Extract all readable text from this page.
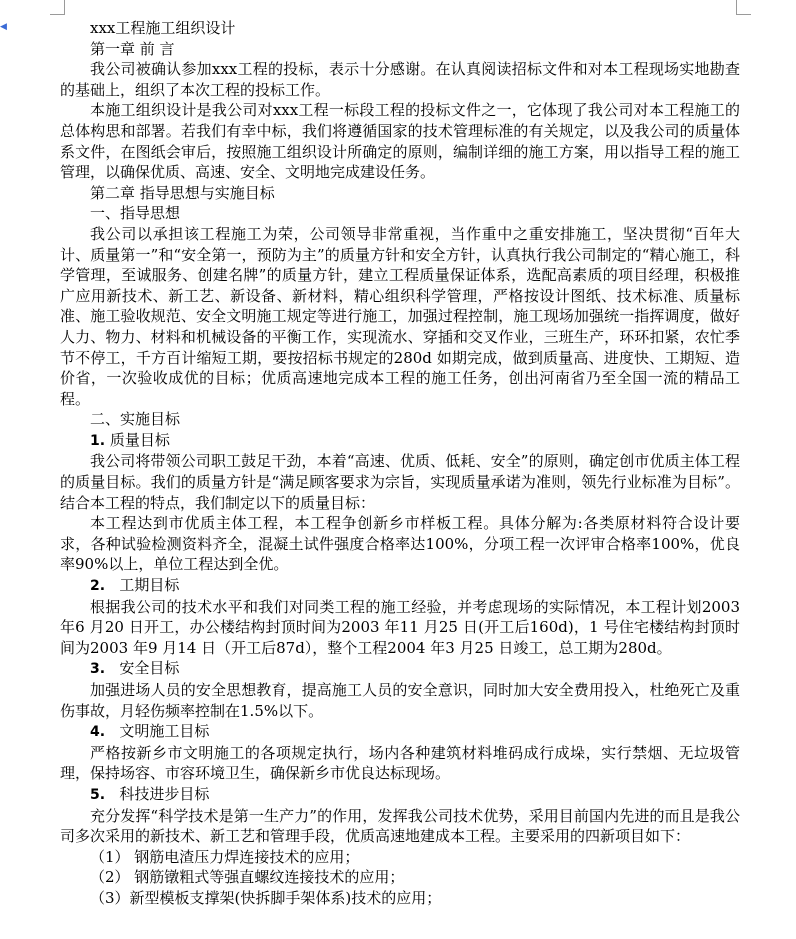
◀	xxx工程施工组织设计

第一章 前 言

我公司被确认参加xxx工程的投标，表示十分感谢。在认真阅读招标文件和对本工程现场实地勘查的基础上，组织了本次工程的投标工作。

本施工组织设计是我公司对xxx工程一标段工程的投标文件之一，它体现了我公司对本工程施工的总体构思和部署。若我们有幸中标，我们将遵循国家的技术管理标准的有关规定，以及我公司的质量体系文件，在图纸会审后，按照施工组织设计所确定的原则，编制详细的施工方案，用以指导工程的施工管理，以确保优质、高速、安全、文明地完成建设任务。

第二章 指导思想与实施目标

一、指导思想

我公司以承担该工程施工为荣，公司领导非常重视，当作重中之重安排施工，坚决贯彻“百年大计、质量第一”和“安全第一，预防为主”的质量方针和安全方针，认真执行我公司制定的“精心施工，科学管理，至诚服务、创建名牌”的质量方针，建立工程质量保证体系，选配高素质的项目经理，积极推广应用新技术、新工艺、新设备、新材料，精心组织科学管理，严格按设计图纸、技术标准、质量标准、施工验收规范、安全文明施工规定等进行施工，加强过程控制，施工现场加强统一指挥调度，做好人力、物力、材料和机械设备的平衡工作，实现流水、穿插和交叉作业，三班生产，环环扣紧，农忙季节不停工，千方百计缩短工期，要按招标书规定的280d 如期完成，做到质量高、进度快、工期短、造价省，一次验收成优的目标；优质高速地完成本工程的施工任务，创出河南省乃至全国一流的精品工程。

二、实施目标

1. 质量目标

我公司将带领公司职工鼓足干劲，本着“高速、优质、低耗、安全”的原则，确定创市优质主体工程的质量目标。我们的质量方针是“满足顾客要求为宗旨，实现质量承诺为准则，领先行业标准为目标”。结合本工程的特点，我们制定以下的质量目标：

本工程达到市优质主体工程，本工程争创新乡市样板工程。具体分解为:各类原材料符合设计要求，各种试验检测资料齐全，混凝土试件强度合格率达100%，分项工程一次评审合格率100%，优良率90%以上，单位工程达到全优。

2. 工期目标

根据我公司的技术水平和我们对同类工程的施工经验，并考虑现场的实际情况，本工程计划2003 年6 月20 日开工，办公楼结构封顶时间为2003 年11 月25 日(开工后160d)，1 号住宅楼结构封顶时间为2003 年9 月14 日（开工后87d），整个工程2004 年3 月25 日竣工，总工期为280d。

3. 安全目标

加强进场人员的安全思想教育，提高施工人员的安全意识，同时加大安全费用投入，杜绝死亡及重伤事故，月轻伤频率控制在1.5%以下。

4. 文明施工目标

严格按新乡市文明施工的各项规定执行，场内各种建筑材料堆码成行成垛，实行禁烟、无垃圾管理，保持场容、市容环境卫生，确保新乡市优良达标现场。

5. 科技进步目标

充分发挥“科学技术是第一生产力”的作用，发挥我公司技术优势，采用目前国内先进的而且是我公司多次采用的新技术、新工艺和管理手段，优质高速地建成本工程。主要采用的四新项目如下：

（1） 钢筋电渣压力焊连接技术的应用；

（2） 钢筋镦粗式等强直螺纹连接技术的应用；

（3）新型模板支撑架(快拆脚手架体系)技术的应用；
